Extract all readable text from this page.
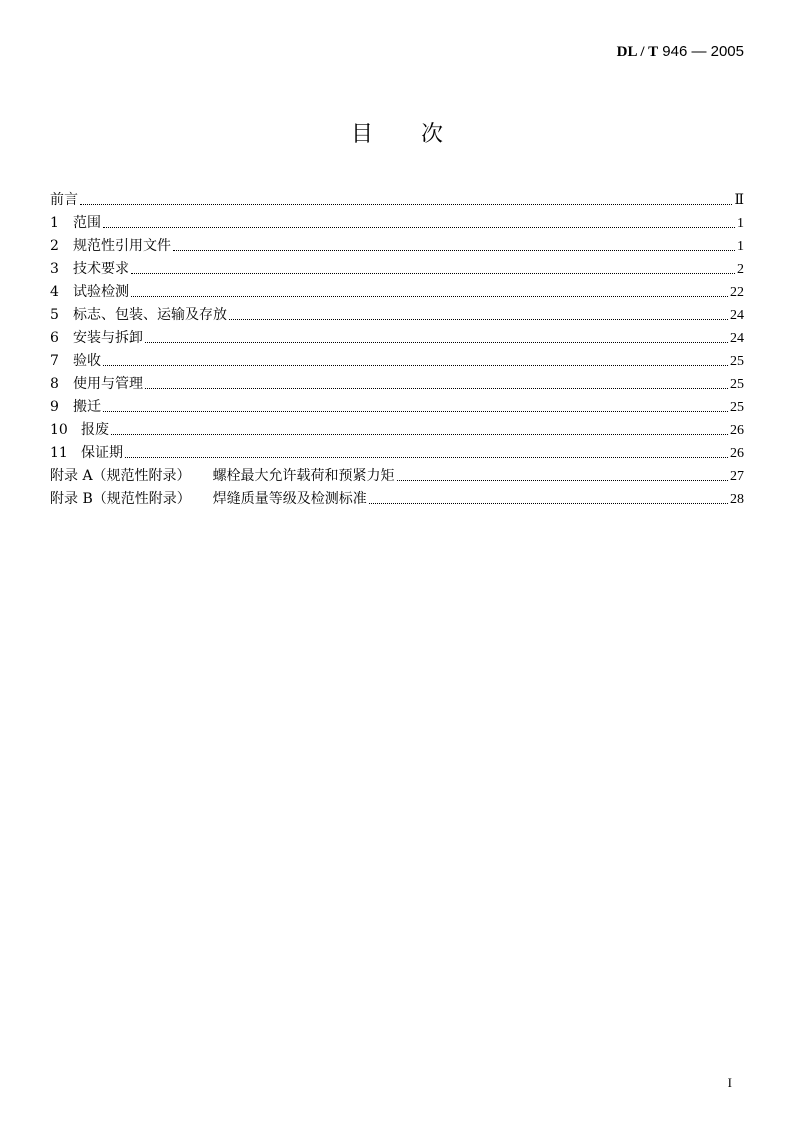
DL / T 946 — 2005
目次
前言	Ⅱ
1	范围	1
2	规范性引用文件	1
3	技术要求	2
4	试验检测	22
5	标志、包装、运输及存放	24
6	安装与拆卸	24
7	验收	25
8	使用与管理	25
9	搬迁	25
10 报废	26
11 保证期	26
附录 A（规范性附录） 螺栓最大允许载荷和预紧力矩	27
附录 B（规范性附录） 焊缝质量等级及检测标准	28
I
